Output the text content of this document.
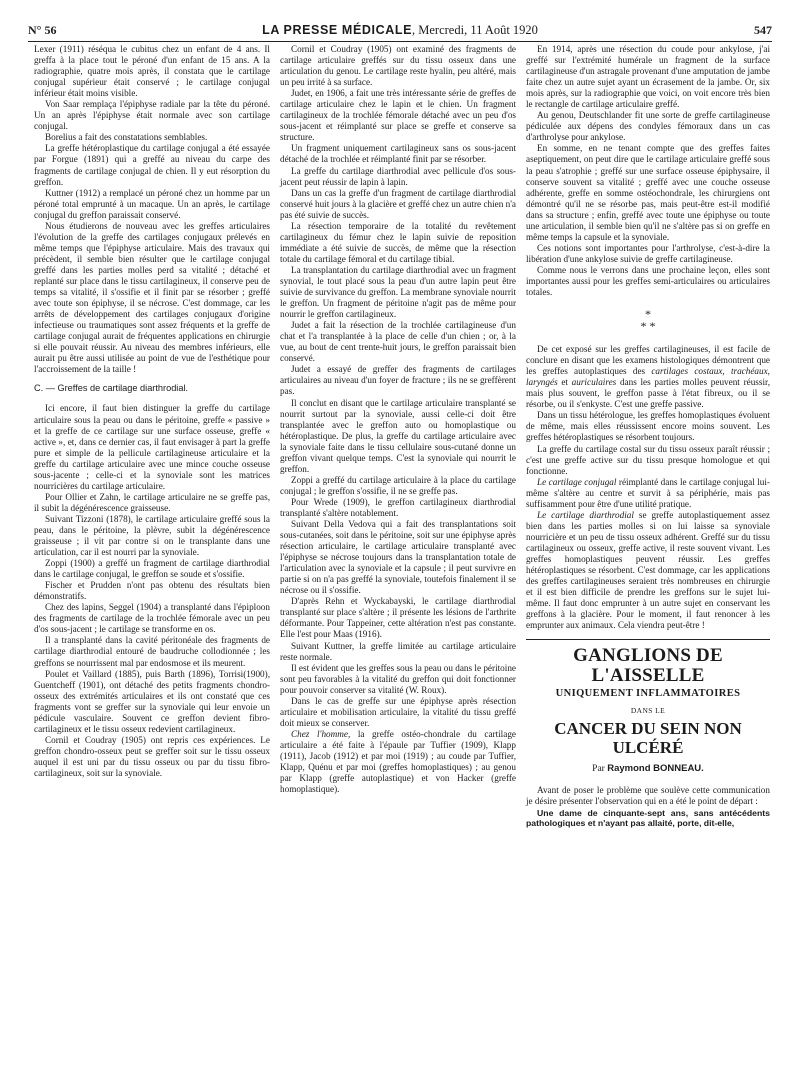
N° 56	LA PRESSE MÉDICALE, Mercredi, 11 Août 1920	547

Lexer (1911) réséqua le cubitus chez un enfant de 4 ans. Il greffa à la place tout le péroné d'un enfant de 15 ans. A la radiographie, quatre mois après, il constata que le cartilage conjugal supérieur était conservé ; le cartilage conjugal inférieur était moins visible.

Von Saar remplaça l'épiphyse radiale par la tête du péroné. Un an après l'épiphyse était normale avec son cartilage conjugal.

Borelius a fait des constatations semblables.

La greffe hétéroplastique du cartilage conjugal a été essayée par Forgue (1891) qui a greffé au niveau du carpe des fragments de cartilage conjugal de chien. Il y eut résorption du greffon.

Kuttner (1912) a remplacé un péroné chez un homme par un péroné total emprunté à un macaque. Un an après, le cartilage conjugal du greffon paraissait conservé.

Nous étudierons de nouveau avec les greffes articulaires l'évolution de la greffe des cartilages conjugaux prélevés en même temps que l'épiphyse articulaire. Mais des travaux qui précèdent, il semble bien résulter que le cartilage conjugal greffé dans les parties molles perd sa vitalité ; détaché et replanté sur place dans le tissu cartilagineux, il conserve peu de temps sa vitalité, il s'ossifie et il finit par se résorber ; greffé avec toute son épiphyse, il se nécrose. C'est dommage, car les arrêts de développement des cartilages conjugaux d'origine infectieuse ou traumatiques sont assez fréquents et la greffe de cartilage conjugal aurait de fréquentes applications en chirurgie si elle pouvait réussir. Au niveau des membres inférieurs, elle aurait pu être aussi utilisée au point de vue de l'esthétique pour l'accroissement de la taille !

C. — Greffes de cartilage diarthrodial.

Ici encore, il faut bien distinguer la greffe du cartilage articulaire sous la peau ou dans le péritoine, greffe « passive » et la greffe de ce cartilage sur une surface osseuse, greffe « active », et, dans ce dernier cas, il faut envisager à part la greffe pure et simple de la pellicule cartilagineuse articulaire et la greffe du cartilage articulaire avec une mince couche osseuse sous-jacente ; celle-ci et la synoviale sont les matrices nourricières du cartilage articulaire.

Pour Ollier et Zahn, le cartilage articulaire ne se greffe pas, il subit la dégénérescence graisseuse.

Suivant Tizzoni (1878), le cartilage articulaire greffé sous la peau, dans le péritoine, la plèvre, subit la dégénérescence graisseuse ; il vit par contre si on le transplante dans une articulation, car il est nourri par la synoviale.

Zoppi (1900) a greffé un fragment de cartilage diarthrodial dans le cartilage conjugal, le greffon se soude et s'ossifie.

Fischer et Prudden n'ont pas obtenu des résultats bien démonstratifs.

Chez des lapins, Seggel (1904) a transplanté dans l'épiploon des fragments de cartilage de la trochlée fémorale avec un peu d'os sous-jacent ; le cartilage se transforme en os.

Il a transplanté dans la cavité péritonéale des fragments de cartilage diarthrodial entouré de baudruche collodionnée ; les greffons se nourrissent mal par endosmose et ils meurent.

Poulet et Vaillard (1885), puis Barth (1896), Torrisi(1900), Guentcheff (1901), ont détaché des petits fragments chondro-osseux des extrémités articulaires et ils ont constaté que ces fragments vont se greffer sur la synoviale qui leur envoie un pédicule vasculaire. Souvent ce greffon devient fibro-cartilagineux et le tissu osseux redevient cartilagineux.

Cornil et Coudray (1905) ont repris ces expériences. Le greffon chondro-osseux peut se greffer soit sur le tissu osseux auquel il est uni par du tissu osseux ou par du tissu fibro-cartilagineux, soit sur la synoviale.

Cornil et Coudray (1905) ont examiné des fragments de cartilage articulaire greffés sur du tissu osseux dans une articulation du genou. Le cartilage reste hyalin, peu altéré, mais un peu irrité à sa surface.

Judet, en 1906, a fait une très intéressante série de greffes de cartilage articulaire chez le lapin et le chien. Un fragment cartilagineux de la trochlée fémorale détaché avec un peu d'os sous-jacent et réimplanté sur place se greffe et conserve sa structure.

Un fragment uniquement cartilagineux sans os sous-jacent détaché de la trochlée et réimplanté finit par se résorber.

La greffe du cartilage diarthrodial avec pellicule d'os sous-jacent peut réussir de lapin à lapin.

Dans un cas la greffe d'un fragment de cartilage diarthrodial conservé huit jours à la glacière et greffé chez un autre chien n'a pas été suivie de succès.

La résection temporaire de la totalité du revêtement cartilagineux du fémur chez le lapin suivie de reposition immédiate a été suivie de succès, de même que la résection totale du cartilage fémoral et du cartilage tibial.

La transplantation du cartilage diarthrodial avec un fragment synovial, le tout placé sous la peau d'un autre lapin peut être suivie de survivance du greffon. La membrane synoviale nourrit le greffon. Un fragment de péritoine n'agit pas de même pour nourrir le greffon cartilagineux.

Judet a fait la résection de la trochlée cartilagineuse d'un chat et l'a transplantée à la place de celle d'un chien ; or, à la vue, au bout de cent trente-huit jours, le greffon paraissait bien conservé.

Judet a essayé de greffer des fragments de cartilages articulaires au niveau d'un foyer de fracture ; ils ne se greffèrent pas.

Il conclut en disant que le cartilage articulaire transplanté se nourrit surtout par la synoviale, aussi celle-ci doit être transplantée avec le greffon auto ou homoplastique ou hétéroplastique. De plus, la greffe du cartilage articulaire avec la synoviale faite dans le tissu cellulaire sous-cutané donne un greffon vivant quelque temps. C'est la synoviale qui nourrit le greffon.

Zoppi a greffé du cartilage articulaire à la place du cartilage conjugal ; le greffon s'ossifie, il ne se greffe pas.

Pour Wrede (1909), le greffon cartilagineux diarthrodial transplanté s'altère notablement.

Suivant Della Vedova qui a fait des transplantations soit sous-cutanées, soit dans le péritoine, soit sur une épiphyse après résection articulaire, le cartilage articulaire transplanté avec l'épiphyse se nécrose toujours dans la transplantation totale de l'articulation avec la synoviale et la capsule ; il peut survivre en partie si on n'a pas greffé la synoviale, toutefois finalement il se nécrose ou il s'ossifie.

D'après Rehn et Wyckabayski, le cartilage diarthrodial transplanté sur place s'altère ; il présente les lésions de l'arthrite déformante. Pour Tappeiner, cette altération n'est pas constante. Elle l'est pour Maas (1916).

Suivant Kuttner, la greffe limitée au cartilage articulaire reste normale.

Il est évident que les greffes sous la peau ou dans le péritoine sont peu favorables à la vitalité du greffon qui doit fonctionner pour pouvoir conserver sa vitalité (W. Roux).

Dans le cas de greffe sur une épiphyse après résection articulaire et mobilisation articulaire, la vitalité du tissu greffé doit mieux se conserver.

Chez l'homme, la greffe ostéo-chondrale du cartilage articulaire a été faite à l'épaule par Tuffier (1909), Klapp (1911), Jacob (1912) et par moi (1919) ; au coude par Tuffier, Klapp, Quénu et par moi (greffes homoplastiques) ; au genou par Klapp (greffe autoplastique) et von Hacker (greffe homoplastique).

En 1914, après une résection du coude pour ankylose, j'ai greffé sur l'extrémité humérale un fragment de la surface cartilagineuse d'un astragale provenant d'une amputation de jambe faite chez un autre sujet ayant un écrasement de la jambe. Or, six mois après, sur la radiographie que voici, on voit encore très bien le rectangle de cartilage articulaire greffé.

Au genou, Deutschlander fit une sorte de greffe cartilagineuse pédiculée aux dépens des condyles fémoraux dans un cas d'arthrolyse pour ankylose.

En somme, en ne tenant compte que des greffes faites aseptiquement, on peut dire que le cartilage articulaire greffé sous la peau s'atrophie ; greffé sur une surface osseuse épiphysaire, il conserve souvent sa vitalité ; greffé avec une couche osseuse adhérente, greffe en somme ostéochondrale, les chirurgiens ont démontré qu'il ne se résorbe pas, mais peut-être est-il modifié dans sa structure ; enfin, greffé avec toute une épiphyse ou toute une articulation, il semble bien qu'il ne s'altère pas si on greffe en même temps la capsule et la synoviale.

Ces notions sont importantes pour l'arthrolyse, c'est-à-dire la libération d'une ankylose suivie de greffe cartilagineuse.

Comme nous le verrons dans une prochaine leçon, elles sont importantes aussi pour les greffes semi-articulaires ou articulaires totales.

*
* *

De cet exposé sur les greffes cartilagineuses, il est facile de conclure en disant que les examens histologiques démontrent que les greffes autoplastiques des cartilages costaux, trachéaux, laryngés et auriculaires dans les parties molles peuvent réussir, mais plus souvent, le greffon passe à l'état fibreux, ou il se résorbe, ou il s'enkyste. C'est une greffe passive.

Dans un tissu hétérologue, les greffes homoplastiques évoluent de même, mais elles réussissent encore moins souvent. Les greffes hétéroplastiques se résorbent toujours.

La greffe du cartilage costal sur du tissu osseux paraît réussir ; c'est une greffe active sur du tissu presque homologue et qui fonctionne.

Le cartilage conjugal réimplanté dans le cartilage conjugal lui-même s'altère au centre et survit à sa périphérie, mais pas suffisamment pour être d'une utilité pratique.

Le cartilage diarthrodial se greffe autoplastiquement assez bien dans les parties molles si on lui laisse sa synoviale nourricière et un peu de tissu osseux adhérent. Greffé sur du tissu cartilagineux ou osseux, greffe active, il reste souvent vivant. Les greffes homoplastiques peuvent réussir. Les greffes hétéroplastiques se résorbent. C'est dommage, car les applications des greffes cartilagineuses seraient très nombreuses en chirurgie et il est bien difficile de prendre les greffons sur le sujet lui-même. Il faut donc emprunter à un autre sujet en conservant les greffons à la glacière. Pour le moment, il faut renoncer à les emprunter aux animaux. Cela viendra peut-être !

GANGLIONS DE L'AISSELLE
UNIQUEMENT INFLAMMATOIRES
DANS LE
CANCER DU SEIN NON ULCÉRÉ
Par Raymond BONNEAU.

Avant de poser le problème que soulève cette communication je désire présenter l'observation qui en a été le point de départ :

Une dame de cinquante-sept ans, sans antécédents pathologiques et n'ayant pas allaité, porte, dit-elle,
